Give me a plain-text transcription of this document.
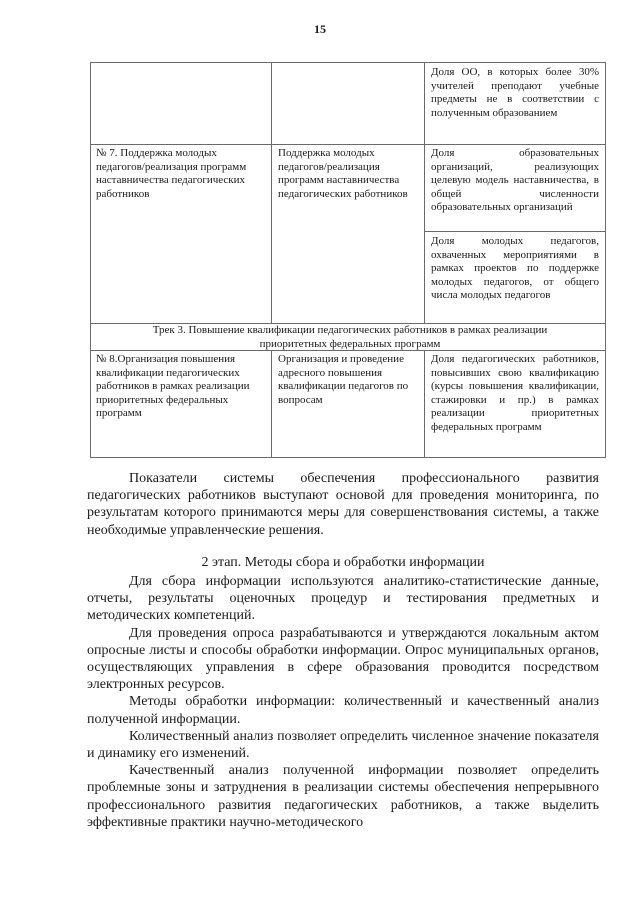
15
Доля ОО, в которых более 30% учителей преподают учебные предметы не в соответствии с полученным образованием
№ 7. Поддержка молодых педагогов/реализация программ наставничества педагогических работников
Поддержка молодых педагогов/реализация программ наставничества педагогических работников
Доля образовательных организаций, реализующих целевую модель наставничества, в общей численности образовательных организаций
Доля молодых педагогов, охваченных мероприятиями в рамках проектов по поддержке молодых педагогов, от общего числа молодых педагогов
Трек 3. Повышение квалификации педагогических работников в рамках реализации приоритетных федеральных программ
№ 8.Организация повышения квалификации педагогических работников в рамках реализации приоритетных федеральных программ
Организация и проведение адресного повышения квалификации педагогов по вопросам
Доля педагогических работников, повысивших свою квалификацию (курсы повышения квалификации, стажировки и пр.) в рамках реализации приоритетных федеральных программ

Показатели системы обеспечения профессионального развития педагогических работников выступают основой для проведения мониторинга, по результатам которого принимаются меры для совершенствования системы, а также необходимые управленческие решения.

2 этап. Методы сбора и обработки информации

Для сбора информации используются аналитико-статистические данные, отчеты, результаты оценочных процедур и тестирования предметных и методических компетенций.

Для проведения опроса разрабатываются и утверждаются локальным актом опросные листы и способы обработки информации. Опрос муниципальных органов, осуществляющих управления в сфере образования проводится посредством электронных ресурсов.

Методы обработки информации: количественный и качественный анализ полученной информации.

Количественный анализ позволяет определить численное значение показателя и динамику его изменений.

Качественный анализ полученной информации позволяет определить проблемные зоны и затруднения в реализации системы обеспечения непрерывного профессионального развития педагогических работников, а также выделить эффективные практики научно-методического
